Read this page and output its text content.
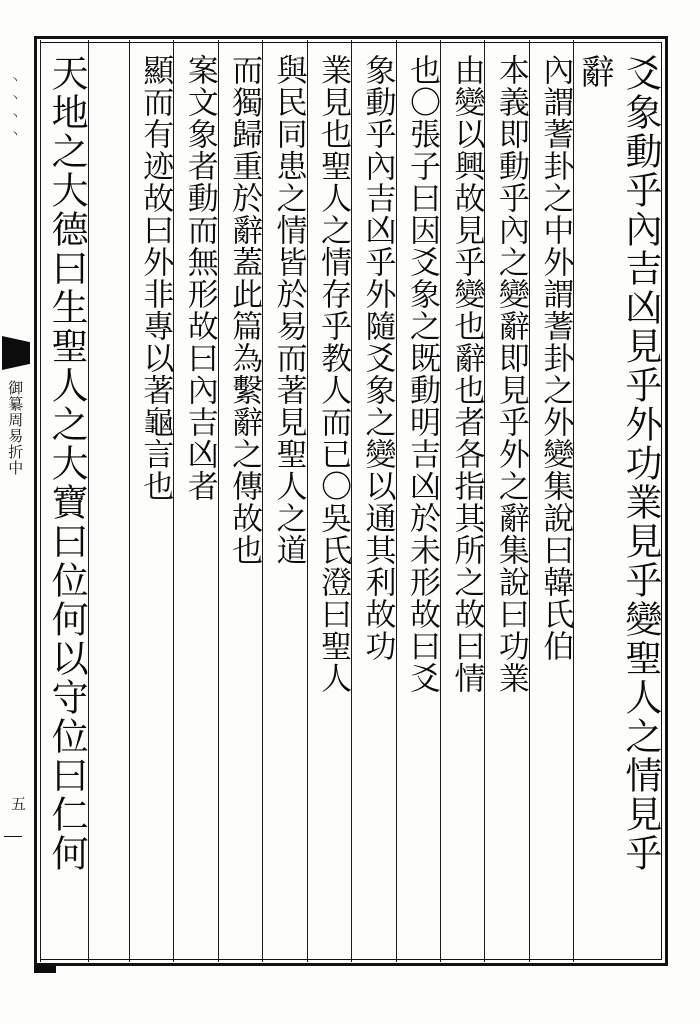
丶丶丶丶
御纂周易折中
五	爻象動乎內吉凶見乎外功業見乎變聖人之情見乎
辭
內謂蓍卦之中外謂蓍卦之外變集說曰韓氏伯
本義即動乎內之變辭即見乎外之辭集說曰功業
由變以興故見乎變也辭也者各指其所之故曰情
也〇張子曰因爻象之既動明吉凶於未形故曰爻
象動乎內吉凶乎外隨爻象之變以通其利故功
業見也聖人之情存乎教人而已〇吳氏澄曰聖人
與民同患之情皆於易而著見聖人之道
而獨歸重於辭蓋此篇為繫辭之傳故也
案文象者動而無形故曰內吉凶者
顯而有迹故曰外非專以著龜言也
天地之大德曰生聖人之大寶曰位何以守位曰仁何
